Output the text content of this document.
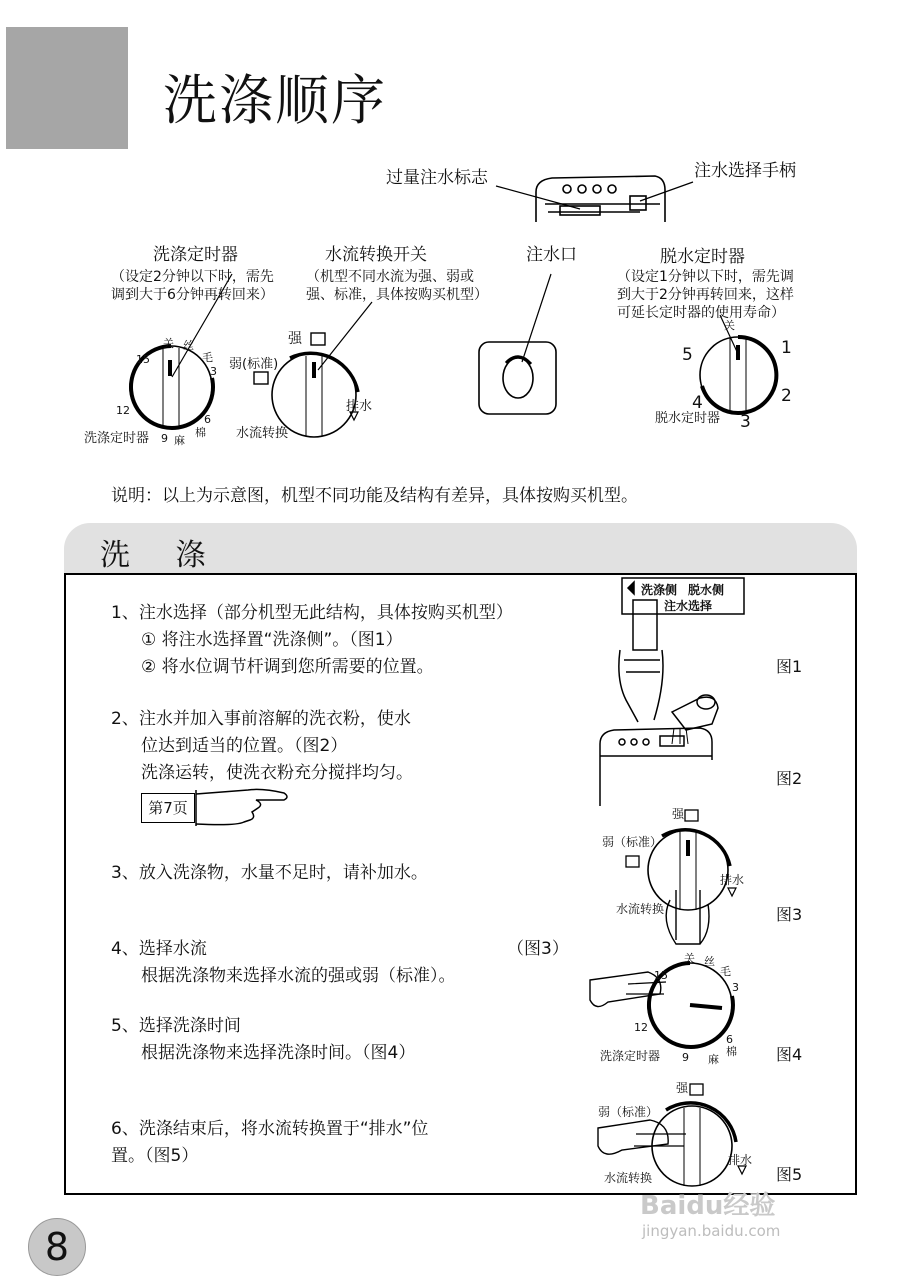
洗涤顺序
过量注水标志	注水选择手柄
洗涤定时器
（设定2分钟以下时，需先
调到大于6分钟再转回来）
水流转换开关
（机型不同水流为强、弱或
强、标准，具体按购买机型）
注水口	脱水定时器
（设定1分钟以下时，需先调
到大于2分钟再转回来，这样
可延长定时器的使用寿命）
关 丝
毛
3
6
棉
麻
9
12
15
洗涤定时器
强
弱(标准)
排水
水流转换
关
1
2
3
4
5
脱水定时器
说明：以上为示意图，机型不同功能及结构有差异，具体按购买机型。
洗 涤
1、注水选择（部分机型无此结构，具体按购买机型）
① 将注水选择置“洗涤侧”。（图1）
② 将水位调节杆调到您所需要的位置。
2、注水并加入事前溶解的洗衣粉，使水
位达到适当的位置。（图2）
洗涤运转，使洗衣粉充分搅拌均匀。
第7页
3、放入洗涤物，水量不足时，请补加水。
4、选择水流	（图3）
根据洗涤物来选择水流的强或弱（标准）。
5、选择洗涤时间
根据洗涤物来选择洗涤时间。（图4）
6、洗涤结束后，将水流转换置于“排水”位
置。（图5）
洗涤侧 脱水侧
注水选择
图1
图2
强
弱（标准）
排水
水流转换	图3
关 丝
毛
3
6
棉
麻
9
12
15
洗涤定时器	图4
强
弱（标准）
排水
水流转换	图5
8
Baidu经验
jingyan.baidu.com
